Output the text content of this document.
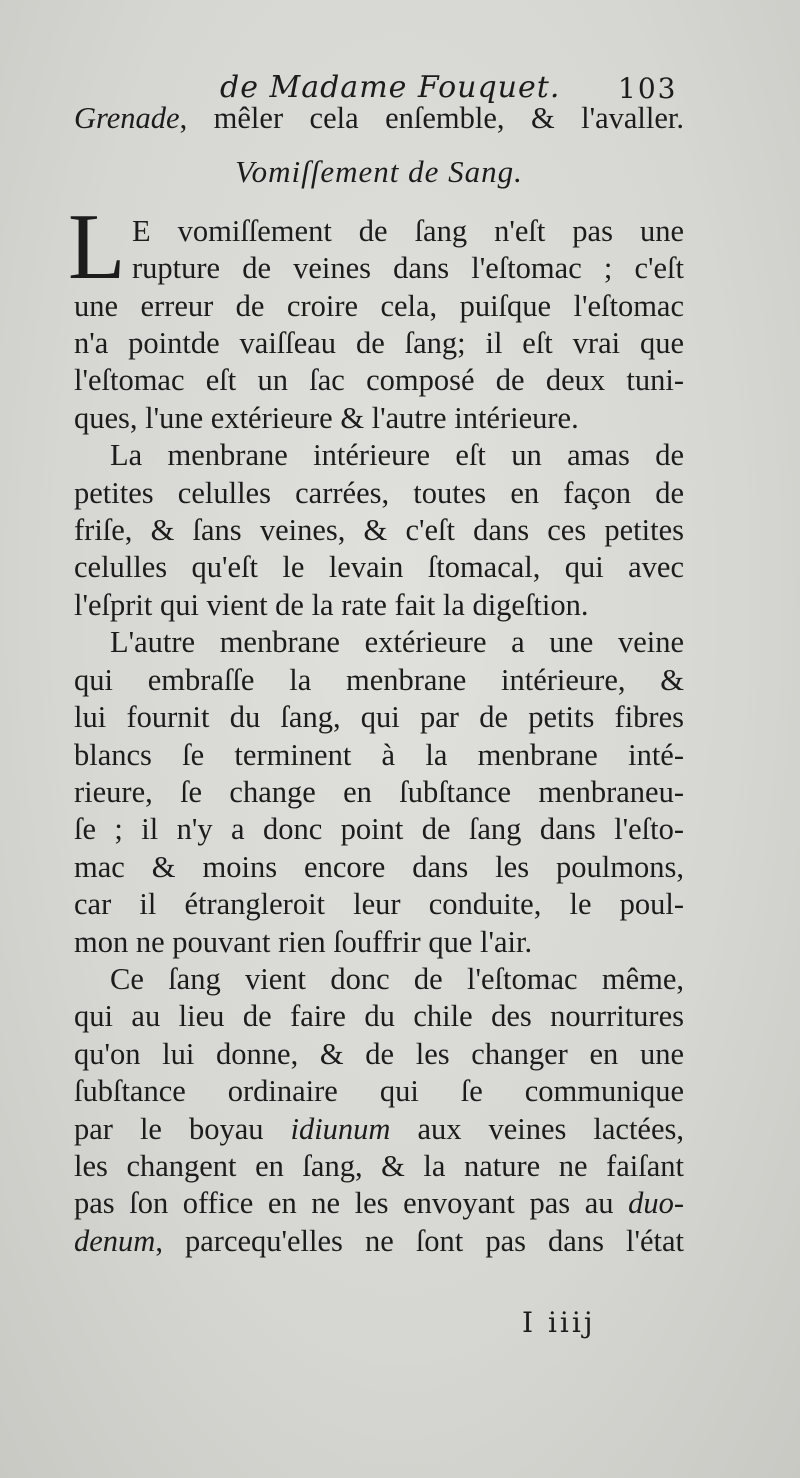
de Madame Fouquet. 103
Grenade, mêler cela enſemble, & l'avaller.
Vomiſſement de Sang.
L E vomiſſement de ſang n'eſt pas une
rupture de veines dans l'eſtomac ; c'eſt
une erreur de croire cela, puiſque l'eſtomac
n'a pointde vaiſſeau de ſang; il eſt vrai que
l'eſtomac eſt un ſac composé de deux tuni-
ques, l'une extérieure & l'autre intérieure.
La menbrane intérieure eſt un amas de
petites celulles carrées, toutes en façon de
friſe, & ſans veines, & c'eſt dans ces petites
celulles qu'eſt le levain ſtomacal, qui avec
l'eſprit qui vient de la rate fait la digeſtion.
L'autre menbrane extérieure a une veine
qui embraſſe la menbrane intérieure, &
lui fournit du ſang, qui par de petits fibres
blancs ſe terminent à la menbrane inté-
rieure, ſe change en ſubſtance menbraneu-
ſe ; il n'y a donc point de ſang dans l'eſto-
mac & moins encore dans les poulmons,
car il étrangleroit leur conduite, le poul-
mon ne pouvant rien ſouffrir que l'air.
Ce ſang vient donc de l'eſtomac même,
qui au lieu de faire du chile des nourritures
qu'on lui donne, & de les changer en une
ſubſtance ordinaire qui ſe communique
par le boyau idiunum aux veines lactées,
les changent en ſang, & la nature ne faiſant
pas ſon office en ne les envoyant pas au duo-
denum, parcequ'elles ne ſont pas dans l'état
I iiij
